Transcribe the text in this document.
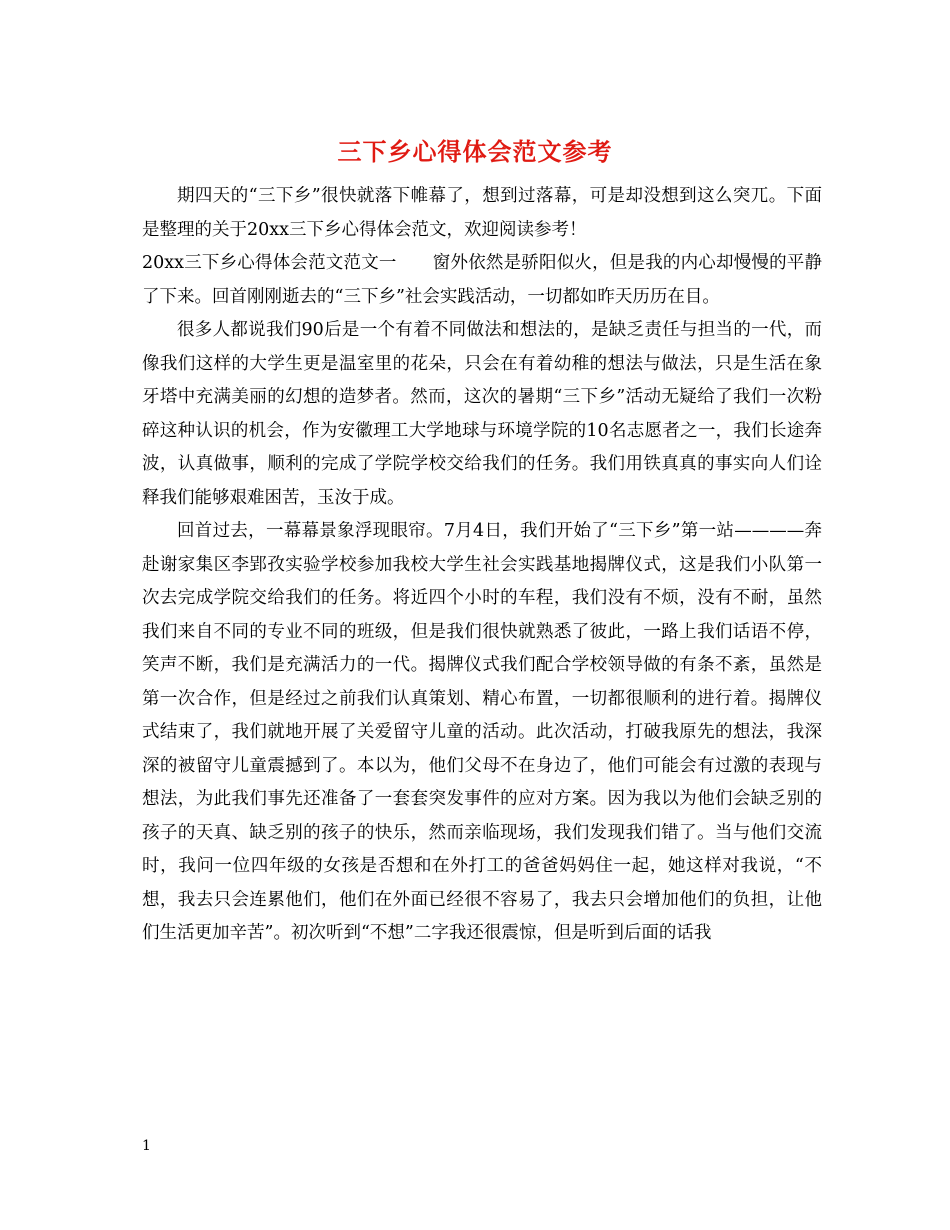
三下乡心得体会范文参考

期四天的“三下乡”很快就落下帷幕了，想到过落幕，可是却没想到这么突兀。下面是整理的关于20xx三下乡心得体会范文，欢迎阅读参考！

20xx三下乡心得体会范文范文一 窗外依然是骄阳似火，但是我的内心却慢慢的平静了下来。回首刚刚逝去的“三下乡”社会实践活动，一切都如昨天历历在目。

很多人都说我们90后是一个有着不同做法和想法的，是缺乏责任与担当的一代，而像我们这样的大学生更是温室里的花朵，只会在有着幼稚的想法与做法，只是生活在象牙塔中充满美丽的幻想的造梦者。然而，这次的暑期“三下乡”活动无疑给了我们一次粉碎这种认识的机会，作为安徽理工大学地球与环境学院的10名志愿者之一，我们长途奔波，认真做事，顺利的完成了学院学校交给我们的任务。我们用铁真真的事实向人们诠释我们能够艰难困苦，玉汝于成。

回首过去，一幕幕景象浮现眼帘。7月4日，我们开始了“三下乡”第一站————奔赴谢家集区李郢孜实验学校参加我校大学生社会实践基地揭牌仪式，这是我们小队第一次去完成学院交给我们的任务。将近四个小时的车程，我们没有不烦，没有不耐，虽然我们来自不同的专业不同的班级，但是我们很快就熟悉了彼此，一路上我们话语不停，笑声不断，我们是充满活力的一代。揭牌仪式我们配合学校领导做的有条不紊，虽然是第一次合作，但是经过之前我们认真策划、精心布置，一切都很顺利的进行着。揭牌仪式结束了，我们就地开展了关爱留守儿童的活动。此次活动，打破我原先的想法，我深深的被留守儿童震撼到了。本以为，他们父母不在身边了，他们可能会有过激的表现与想法，为此我们事先还准备了一套套突发事件的应对方案。因为我以为他们会缺乏别的孩子的天真、缺乏别的孩子的快乐，然而亲临现场，我们发现我们错了。当与他们交流时，我问一位四年级的女孩是否想和在外打工的爸爸妈妈住一起，她这样对我说，“不想，我去只会连累他们，他们在外面已经很不容易了，我去只会增加他们的负担，让他们生活更加辛苦”。初次听到“不想”二字我还很震惊，但是听到后面的话我

1
